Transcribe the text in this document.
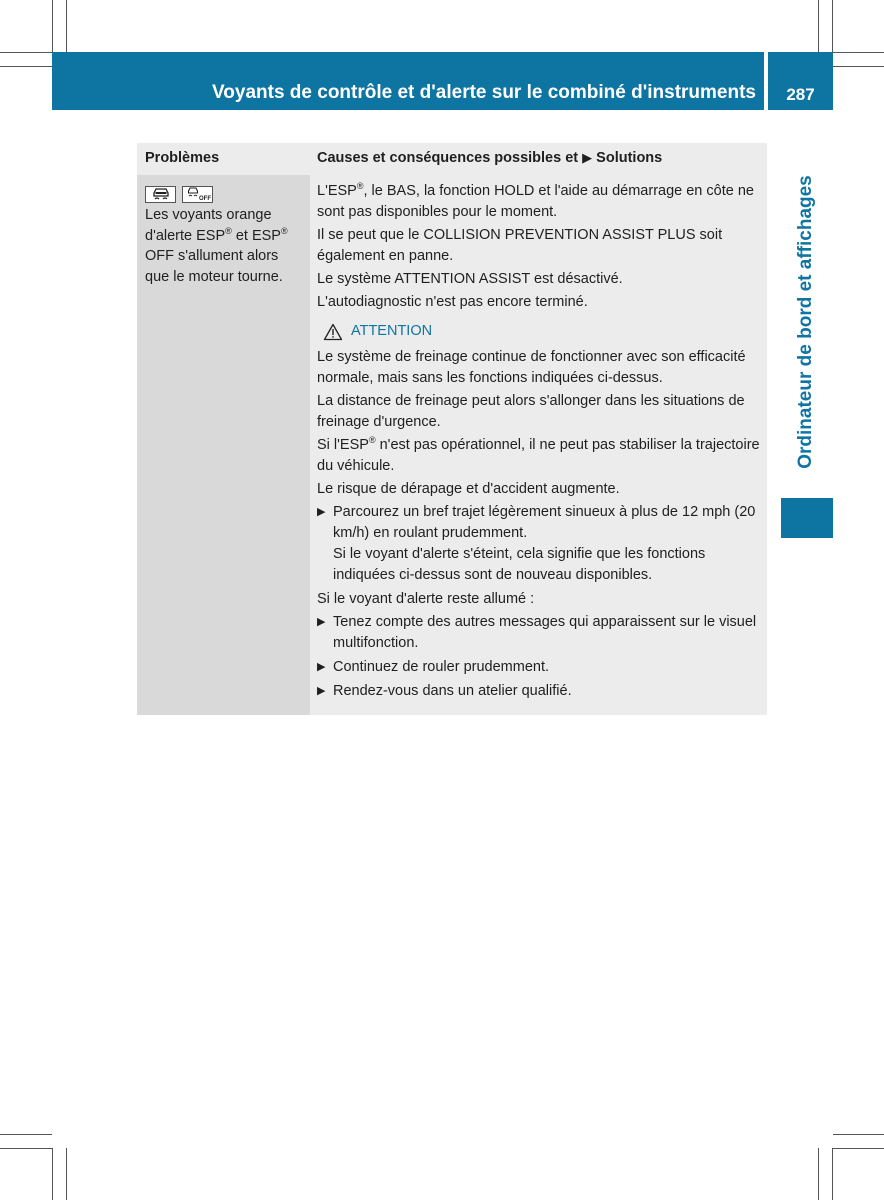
Voyants de contrôle et d'alerte sur le combiné d'instruments	287
Ordinateur de bord et affichages
Problèmes	Causes et conséquences possibles et ▶ Solutions
OFF
Les voyants orange
d'alerte ESP® et ESP®
OFF s'allument alors
que le moteur tourne.

L'ESP®, le BAS, la fonction HOLD et l'aide au démarrage en côte ne sont pas disponibles pour le moment.

Il se peut que le COLLISION PREVENTION ASSIST PLUS soit également en panne.

Le système ATTENTION ASSIST est désactivé.

L'autodiagnostic n'est pas encore terminé.

ATTENTION

Le système de freinage continue de fonctionner avec son efficacité normale, mais sans les fonctions indiquées ci-dessus.

La distance de freinage peut alors s'allonger dans les situations de freinage d'urgence.

Si l'ESP® n'est pas opérationnel, il ne peut pas stabiliser la trajectoire du véhicule.

Le risque de dérapage et d'accident augmente.

▶ Parcourez un bref trajet légèrement sinueux à plus de 12 mph (20 km/h) en roulant prudemment.
Si le voyant d'alerte s'éteint, cela signifie que les fonctions indiquées ci-dessus sont de nouveau disponibles.

Si le voyant d'alerte reste allumé :

▶ Tenez compte des autres messages qui apparaissent sur le visuel multifonction.
▶ Continuez de rouler prudemment.
▶ Rendez-vous dans un atelier qualifié.
